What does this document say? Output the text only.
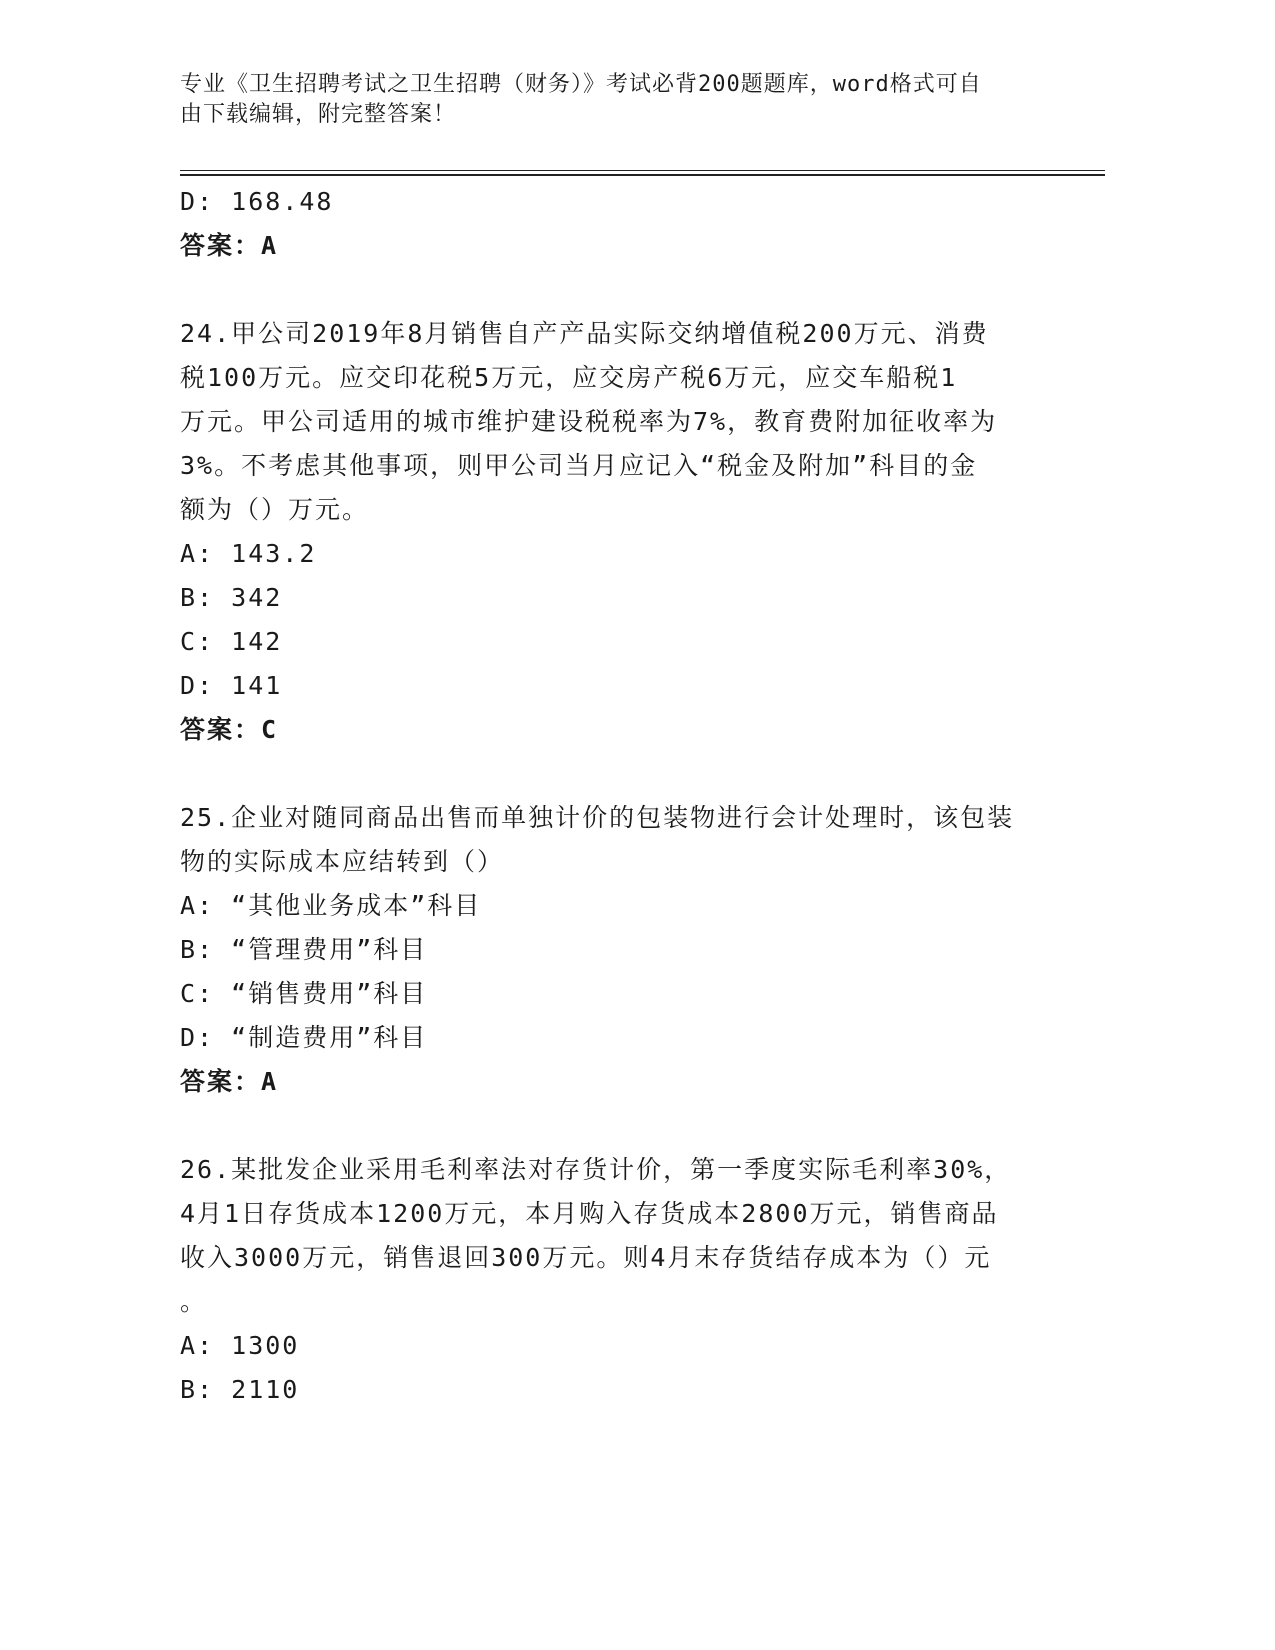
专业《卫生招聘考试之卫生招聘（财务）》考试必背200题题库，word格式可自
由下载编辑，附完整答案！
D: 168.48
答案：A
24.甲公司2019年8月销售自产产品实际交纳增值税200万元、消费
税100万元。应交印花税5万元，应交房产税6万元，应交车船税1
万元。甲公司适用的城市维护建设税税率为7%，教育费附加征收率为
3%。不考虑其他事项，则甲公司当月应记入“税金及附加”科目的金
额为（）万元。
A: 143.2
B: 342
C: 142
D: 141
答案：C
25.企业对随同商品出售而单独计价的包装物进行会计处理时，该包装
物的实际成本应结转到（）
A: “其他业务成本”科目
B: “管理费用”科目
C: “销售费用”科目
D: “制造费用”科目
答案：A
26.某批发企业采用毛利率法对存货计价，第一季度实际毛利率30%，
4月1日存货成本1200万元，本月购入存货成本2800万元，销售商品
收入3000万元，销售退回300万元。则4月末存货结存成本为（）元
。
A: 1300
B: 2110
